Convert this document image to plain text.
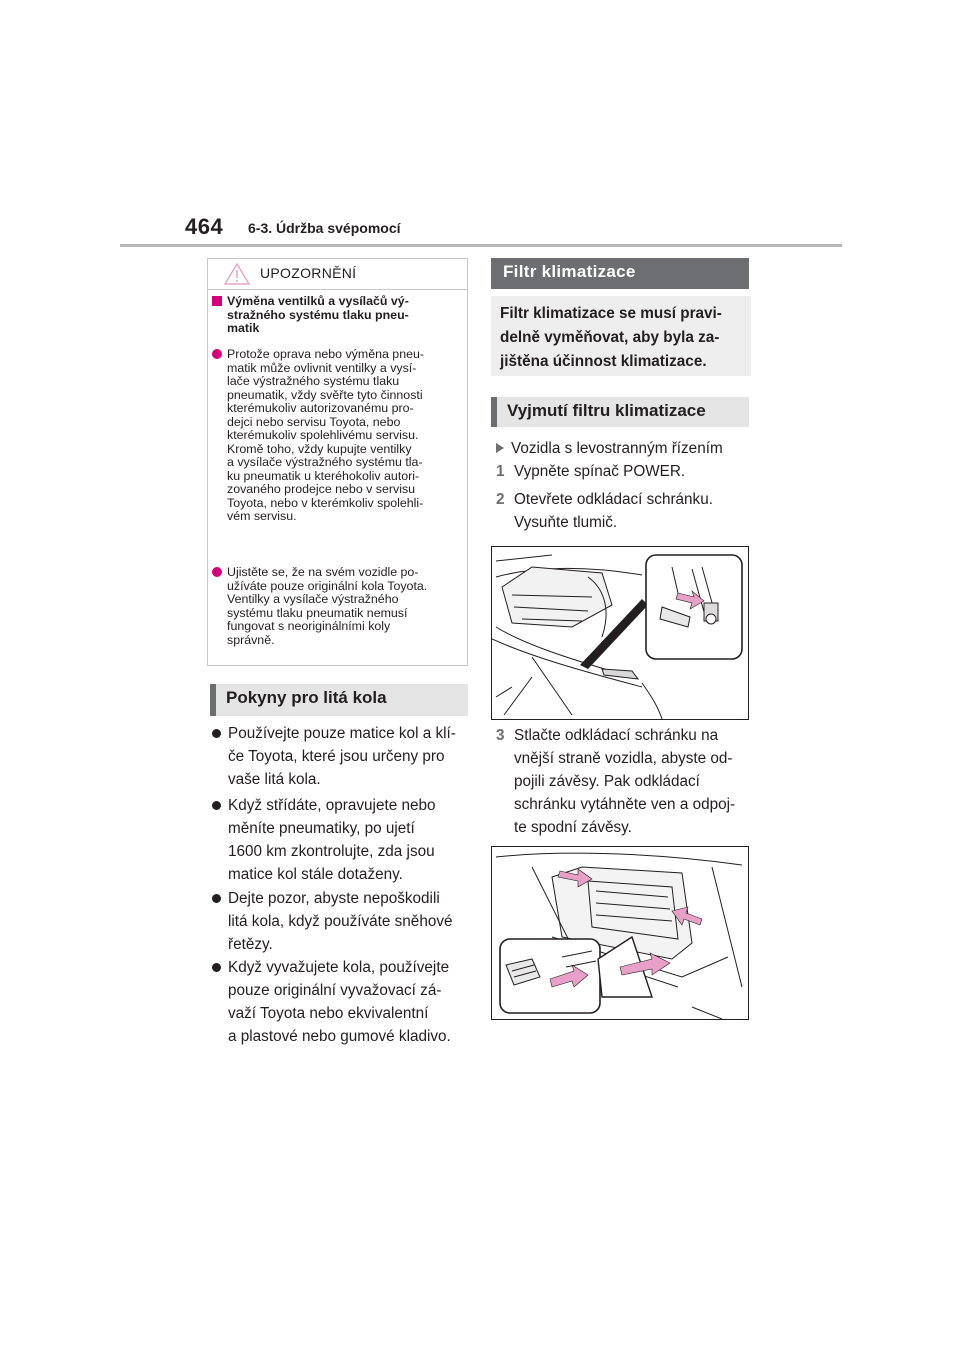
464 6-3. Údržba svépomocí
UPOZORNĚNÍ
Výměna ventilků a vysílačů vý-
stražného systému tlaku pneu-
matik
Protože oprava nebo výměna pneu-
matik může ovlivnit ventilky a vysí-
lače výstražného systému tlaku
pneumatik, vždy svěřte tyto činnosti
kterémukoliv autorizovanému pro-
dejci nebo servisu Toyota, nebo
kterémukoliv spolehlivému servisu.
Kromě toho, vždy kupujte ventilky
a vysílače výstražného systému tla-
ku pneumatik u kteréhokoliv autori-
zovaného prodejce nebo v servisu
Toyota, nebo v kterémkoliv spolehli-
vém servisu.
Ujistěte se, že na svém vozidle po-
užíváte pouze originální kola Toyota.
Ventilky a vysílače výstražného
systému tlaku pneumatik nemusí
fungovat s neoriginálními koly
správně.
Pokyny pro litá kola
Používejte pouze matice kol a klí-
če Toyota, které jsou určeny pro
vaše litá kola.
Když střídáte, opravujete nebo
měníte pneumatiky, po ujetí
1600 km zkontrolujte, zda jsou
matice kol stále dotaženy.
Dejte pozor, abyste nepoškodili
litá kola, když používáte sněhové
řetězy.
Když vyvažujete kola, používejte
pouze originální vyvažovací zá-
važí Toyota nebo ekvivalentní
a plastové nebo gumové kladivo.
Filtr klimatizace
Filtr klimatizace se musí pravi-
delně vyměňovat, aby byla za-
jištěna účinnost klimatizace.
Vyjmutí filtru klimatizace
Vozidla s levostranným řízením
1 Vypněte spínač POWER.
2 Otevřete odkládací schránku.
Vysuňte tlumič.
3 Stlačte odkládací schránku na
vnější straně vozidla, abyste od-
pojili závěsy. Pak odkládací
schránku vytáhněte ven a odpoj-
te spodní závěsy.
